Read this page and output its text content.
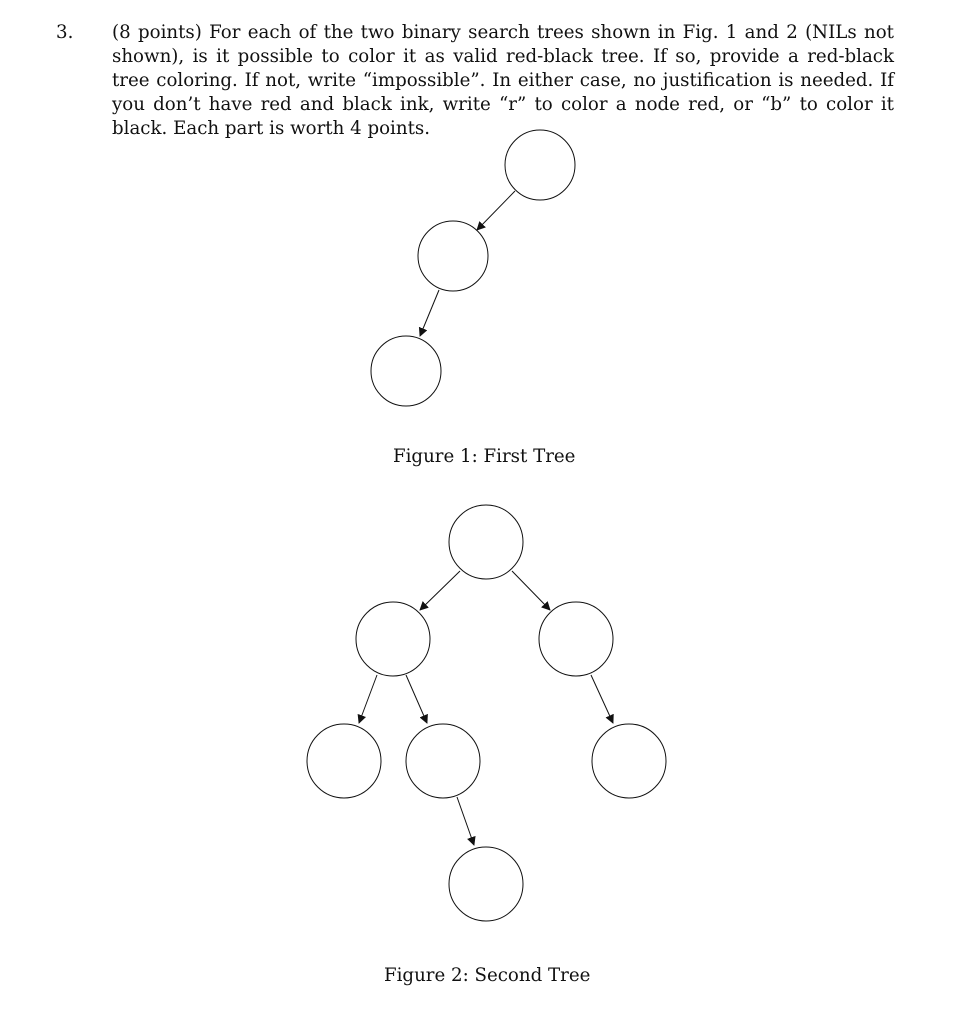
3. (8 points) For each of the two binary search trees shown in Fig. 1 and 2 (NILs not shown), is it possible to color it as valid red-black tree. If so, provide a red-black tree coloring. If not, write “impossible”. In either case, no justification is needed. If you don’t have red and black ink, write “r” to color a node red, or “b” to color it black. Each part is worth 4 points.
Figure 1: First Tree
Figure 2: Second Tree
